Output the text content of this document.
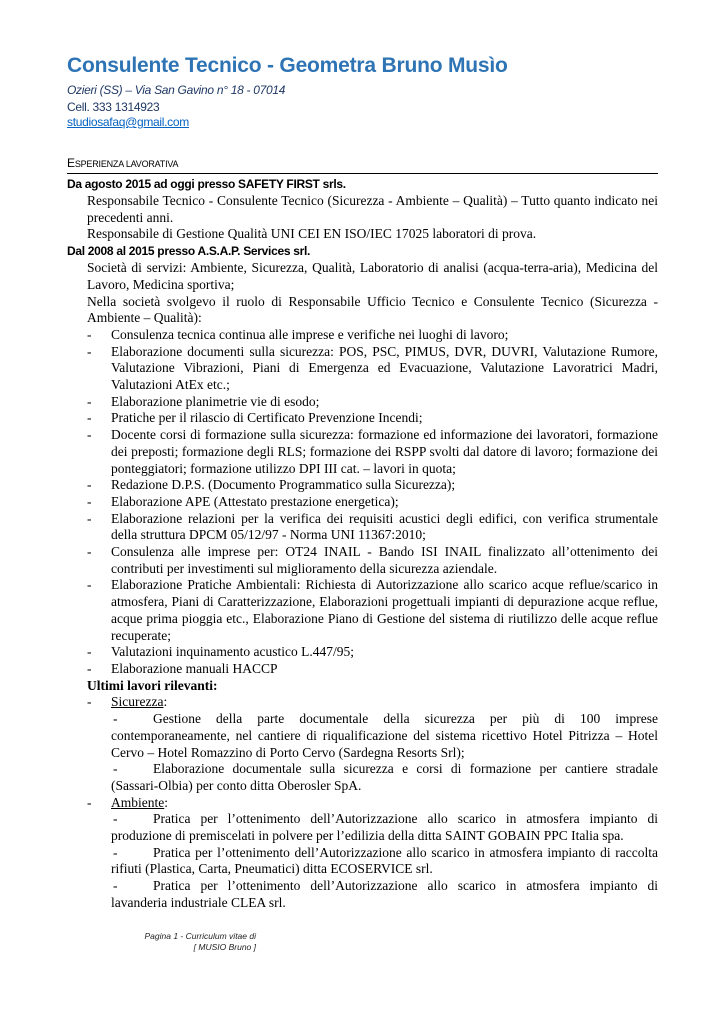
Consulente Tecnico - Geometra Bruno Musìo
Ozieri (SS) – Via San Gavino n° 18 - 07014
Cell. 333 1314923
studiosafaq@gmail.com
ESPERIENZA LAVORATIVA
Da agosto 2015 ad oggi presso SAFETY FIRST srls.
Responsabile Tecnico - Consulente Tecnico (Sicurezza - Ambiente – Qualità) – Tutto quanto indicato nei precedenti anni.
Responsabile di Gestione Qualità UNI CEI EN ISO/IEC 17025 laboratori di prova.
Dal 2008 al 2015 presso A.S.A.P. Services srl.
Società di servizi: Ambiente, Sicurezza, Qualità, Laboratorio di analisi (acqua-terra-aria), Medicina del Lavoro, Medicina sportiva;
Nella società svolgevo il ruolo di Responsabile Ufficio Tecnico e Consulente Tecnico (Sicurezza - Ambiente – Qualità):
- Consulenza tecnica continua alle imprese e verifiche nei luoghi di lavoro;
- Elaborazione documenti sulla sicurezza: POS, PSC, PIMUS, DVR, DUVRI, Valutazione Rumore, Valutazione Vibrazioni, Piani di Emergenza ed Evacuazione, Valutazione Lavoratrici Madri, Valutazioni AtEx etc.;
- Elaborazione planimetrie vie di esodo;
- Pratiche per il rilascio di Certificato Prevenzione Incendi;
- Docente corsi di formazione sulla sicurezza: formazione ed informazione dei lavoratori, formazione dei preposti; formazione degli RLS; formazione dei RSPP svolti dal datore di lavoro; formazione dei ponteggiatori; formazione utilizzo DPI III cat. – lavori in quota;
- Redazione D.P.S. (Documento Programmatico sulla Sicurezza);
- Elaborazione APE (Attestato prestazione energetica);
- Elaborazione relazioni per la verifica dei requisiti acustici degli edifici, con verifica strumentale della struttura DPCM 05/12/97 - Norma UNI 11367:2010;
- Consulenza alle imprese per: OT24 INAIL - Bando ISI INAIL finalizzato all’ottenimento dei contributi per investimenti sul miglioramento della sicurezza aziendale.
- Elaborazione Pratiche Ambientali: Richiesta di Autorizzazione allo scarico acque reflue/scarico in atmosfera, Piani di Caratterizzazione, Elaborazioni progettuali impianti di depurazione acque reflue, acque prima pioggia etc., Elaborazione Piano di Gestione del sistema di riutilizzo delle acque reflue recuperate;
- Valutazioni inquinamento acustico L.447/95;
- Elaborazione manuali HACCP
Ultimi lavori rilevanti:
- Sicurezza:
-	Gestione della parte documentale della sicurezza per più di 100 imprese contemporaneamente, nel cantiere di riqualificazione del sistema ricettivo Hotel Pitrizza – Hotel Cervo – Hotel Romazzino di Porto Cervo (Sardegna Resorts Srl);
-	Elaborazione documentale sulla sicurezza e corsi di formazione per cantiere stradale (Sassari-Olbia) per conto ditta Oberosler SpA.
- Ambiente:
-	Pratica per l’ottenimento dell’Autorizzazione allo scarico in atmosfera impianto di produzione di premiscelati in polvere per l’edilizia della ditta SAINT GOBAIN PPC Italia spa.
-	Pratica per l’ottenimento dell’Autorizzazione allo scarico in atmosfera impianto di raccolta rifiuti (Plastica, Carta, Pneumatici) ditta ECOSERVICE srl.
-	Pratica per l’ottenimento dell’Autorizzazione allo scarico in atmosfera impianto di lavanderia industriale CLEA srl.
Pagina 1 - Curriculum vitae di
[ MUSIO Bruno ]
